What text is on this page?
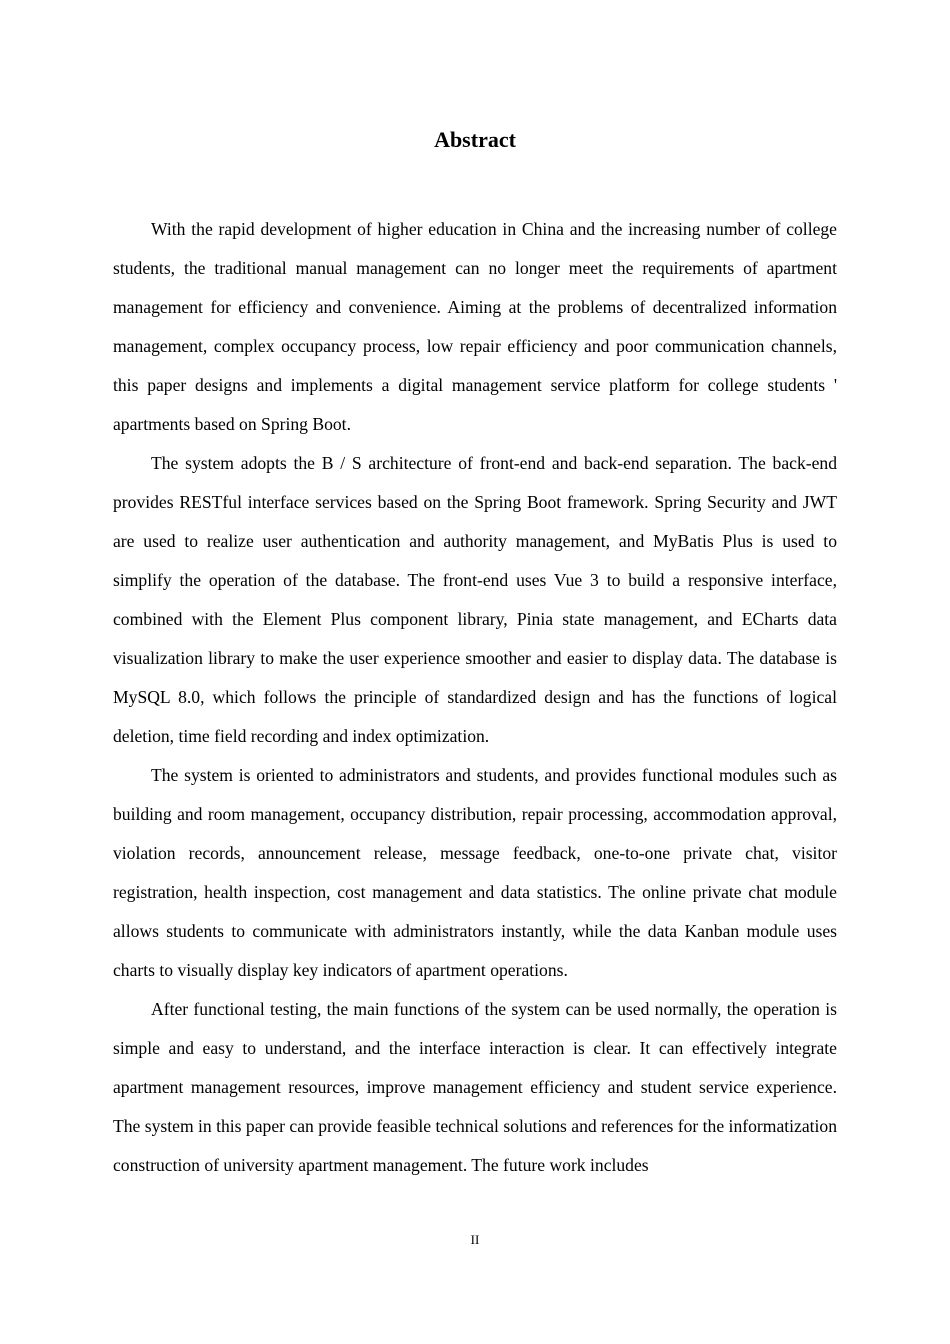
Abstract

With the rapid development of higher education in China and the increasing number of college students, the traditional manual management can no longer meet the requirements of apartment management for efficiency and convenience. Aiming at the problems of decentralized information management, complex occupancy process, low repair efficiency and poor communication channels, this paper designs and implements a digital management service platform for college students ' apartments based on Spring Boot.

The system adopts the B / S architecture of front-end and back-end separation. The back-end provides RESTful interface services based on the Spring Boot framework. Spring Security and JWT are used to realize user authentication and authority management, and MyBatis Plus is used to simplify the operation of the database. The front-end uses Vue 3 to build a responsive interface, combined with the Element Plus component library, Pinia state management, and ECharts data visualization library to make the user experience smoother and easier to display data. The database is MySQL 8.0, which follows the principle of standardized design and has the functions of logical deletion, time field recording and index optimization.

The system is oriented to administrators and students, and provides functional modules such as building and room management, occupancy distribution, repair processing, accommodation approval, violation records, announcement release, message feedback, one-to-one private chat, visitor registration, health inspection, cost management and data statistics. The online private chat module allows students to communicate with administrators instantly, while the data Kanban module uses charts to visually display key indicators of apartment operations.

After functional testing, the main functions of the system can be used normally, the operation is simple and easy to understand, and the interface interaction is clear. It can effectively integrate apartment management resources, improve management efficiency and student service experience. The system in this paper can provide feasible technical solutions and references for the informatization construction of university apartment management. The future work includes

II
